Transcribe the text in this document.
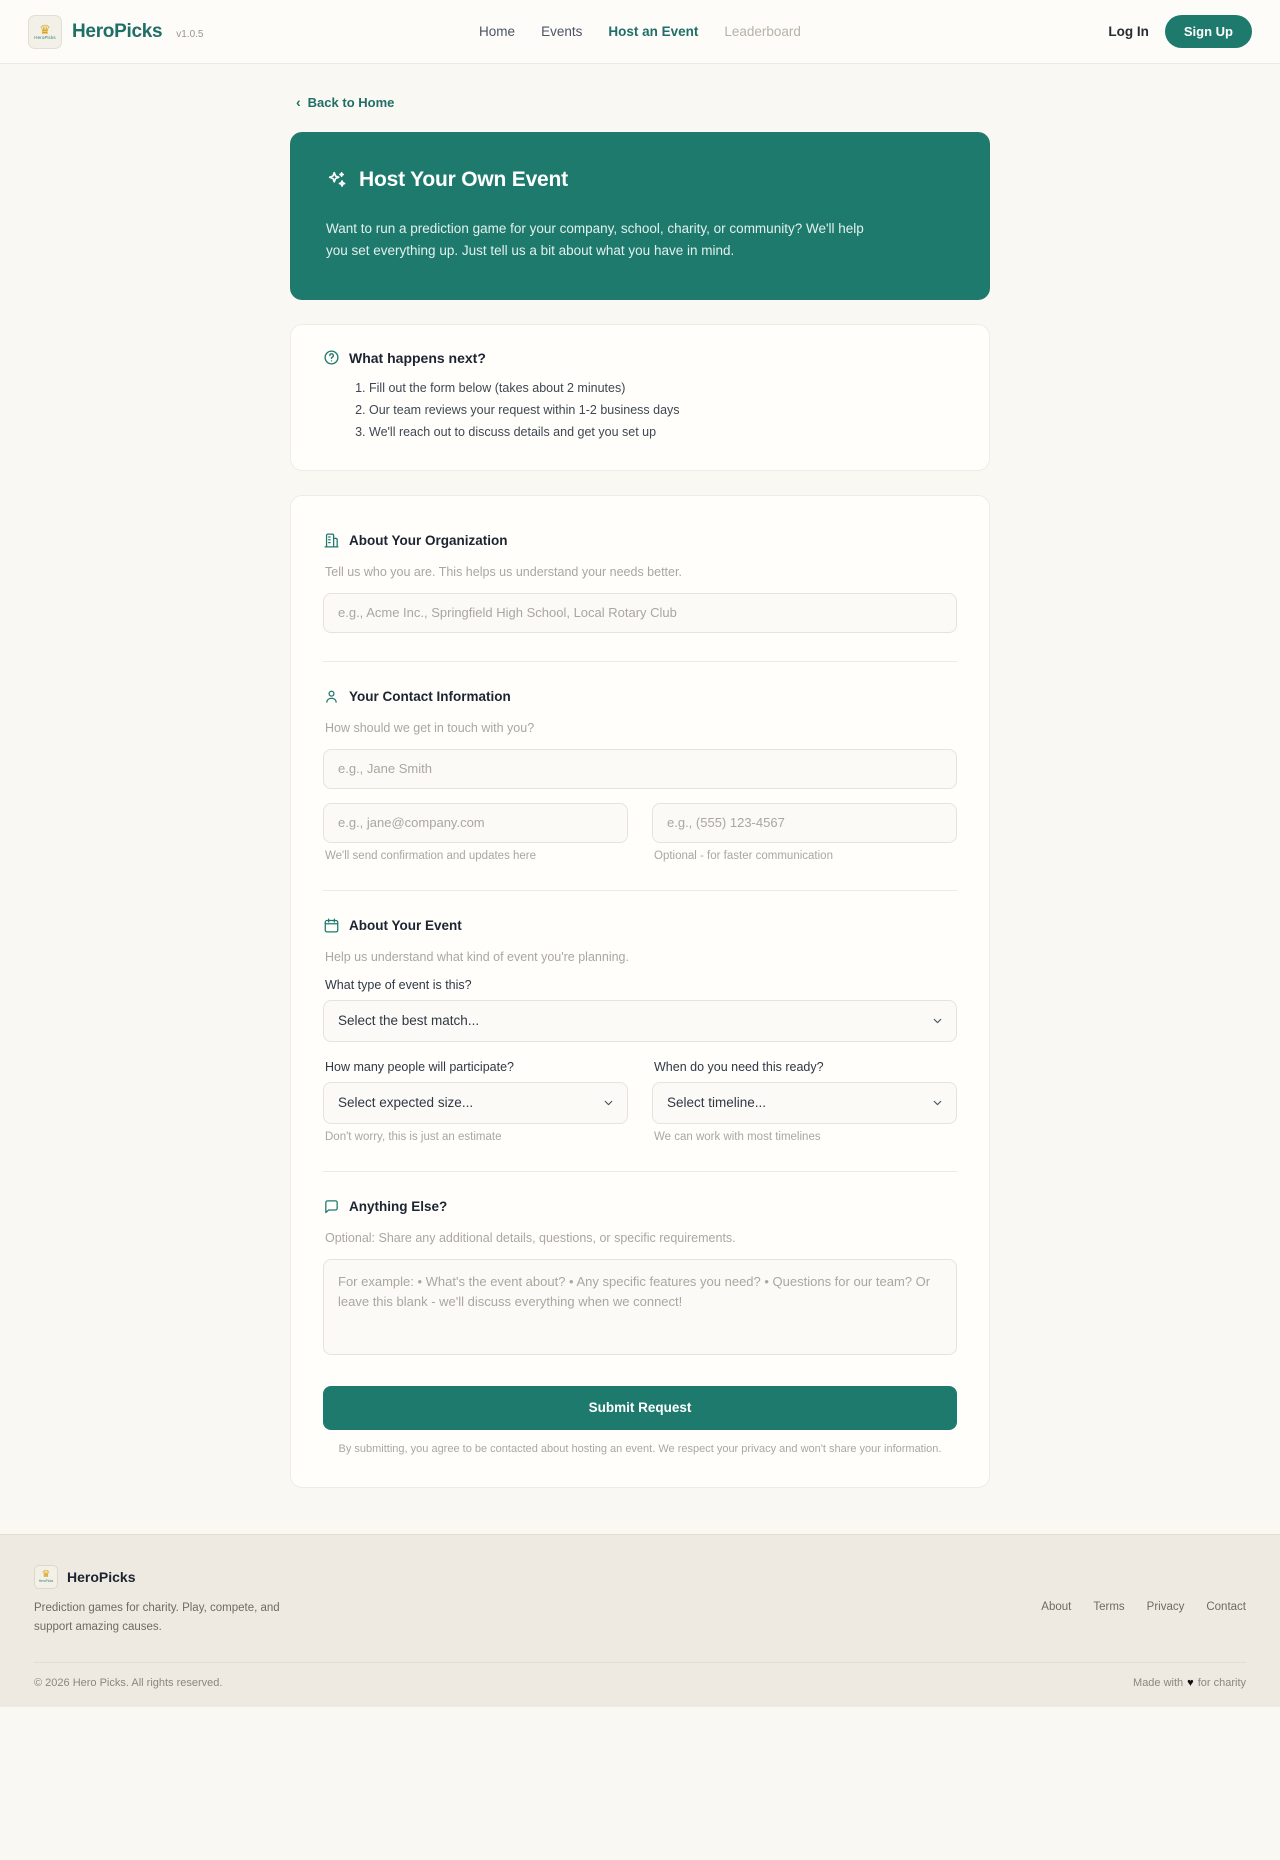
♛
HeroPicks HeroPicks v1.0.5	Home Events Host an Event Leaderboard	Log In	Sign Up
‹ Back to Home
Host Your Own Event

Want to run a prediction game for your company, school, charity, or community? We'll help you set everything up. Just tell us a bit about what you have in mind.

What happens next?
1. Fill out the form below (takes about 2 minutes)
2. Our team reviews your request within 1-2 business days
3. We'll reach out to discuss details and get you set up
About Your Organization

Tell us who you are. This helps us understand your needs better.

e.g., Acme Inc., Springfield High School, Local Rotary Club
Your Contact Information

How should we get in touch with you?

e.g., Jane Smith
e.g., jane@company.com

We'll send confirmation and updates here

e.g., (555) 123-4567	Optional - for faster communication

About Your Event

Help us understand what kind of event you're planning.

What type of event is this?

Select the best match...

How many people will participate?

Select expected size...

Don't worry, this is just an estimate

When do you need this ready?

Select timeline...

We can work with most timelines

Anything Else?

Optional: Share any additional details, questions, or specific requirements.

For example: • What's the event about? • Any specific features you need? • Questions for our team? Or leave this blank - we'll discuss everything when we connect!
Submit Request

By submitting, you agree to be contacted about hosting an event. We respect your privacy and won't share your information.

♛
HeroPicks HeroPicks

Prediction games for charity. Play, compete, and support amazing causes.

About Terms Privacy Contact
© 2026 Hero Picks. All rights reserved.	Made with ♥ for charity
